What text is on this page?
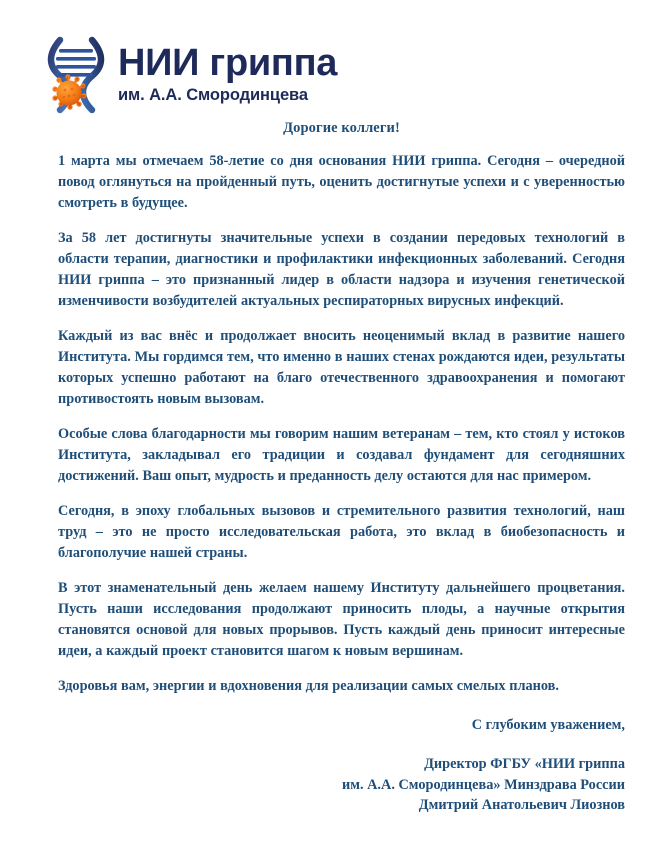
НИИ гриппа
им. А.А. Смородинцева

Дорогие коллеги!

1 марта мы отмечаем 58-летие со дня основания НИИ гриппа. Сегодня – очередной повод оглянуться на пройденный путь, оценить достигнутые успехи и с уверенностью смотреть в будущее.

За 58 лет достигнуты значительные успехи в создании передовых технологий в области терапии, диагностики и профилактики инфекционных заболеваний. Сегодня НИИ гриппа – это признанный лидер в области надзора и изучения генетической изменчивости возбудителей актуальных респираторных вирусных инфекций.

Каждый из вас внёс и продолжает вносить неоценимый вклад в развитие нашего Института. Мы гордимся тем, что именно в наших стенах рождаются идеи, результаты которых успешно работают на благо отечественного здравоохранения и помогают противостоять новым вызовам.

Особые слова благодарности мы говорим нашим ветеранам – тем, кто стоял у истоков Института, закладывал его традиции и создавал фундамент для сегодняшних достижений. Ваш опыт, мудрость и преданность делу остаются для нас примером.

Сегодня, в эпоху глобальных вызовов и стремительного развития технологий, наш труд – это не просто исследовательская работа, это вклад в биобезопасность и благополучие нашей страны.

В этот знаменательный день желаем нашему Институту дальнейшего процветания. Пусть наши исследования продолжают приносить плоды, а научные открытия становятся основой для новых прорывов. Пусть каждый день приносит интересные идеи, а каждый проект становится шагом к новым вершинам.

Здоровья вам, энергии и вдохновения для реализации самых смелых планов.

С глубоким уважением,

Директор ФГБУ «НИИ гриппа
им. А.А. Смородинцева» Минздрава России
Дмитрий Анатольевич Лиознов
